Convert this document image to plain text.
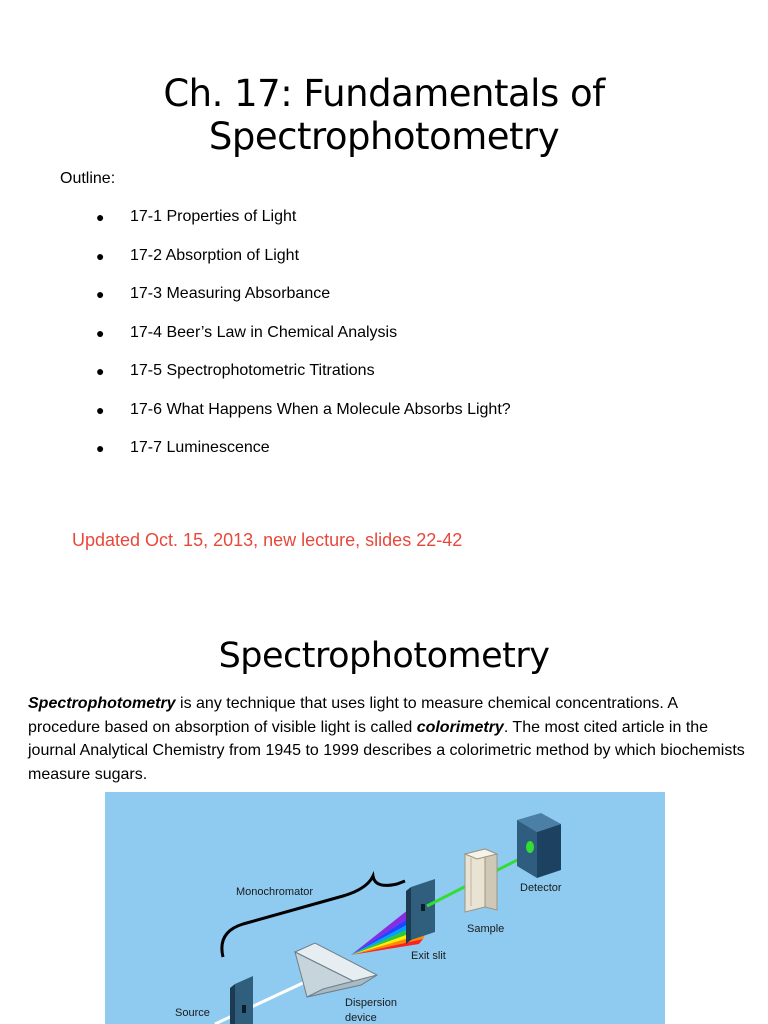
Ch. 17: Fundamentals of Spectrophotometry
Outline:
●	17-1 Properties of Light
●	17-2 Absorption of Light
●	17-3 Measuring Absorbance
●	17-4 Beer’s Law in Chemical Analysis
●	17-5 Spectrophotometric Titrations
●	17-6 What Happens When a Molecule Absorbs Light?
●	17-7 Luminescence
Updated Oct. 15, 2013, new lecture, slides 22-42
Spectrophotometry

Spectrophotometry is any technique that uses light to measure chemical concentrations. A procedure based on absorption of visible light is called colorimetry. The most cited article in the journal Analytical Chemistry from 1945 to 1999 describes a colorimetric method by which biochemists measure sugars.

Monochromator	Detector
Sample
Exit slit
Source
Dispersion
device
